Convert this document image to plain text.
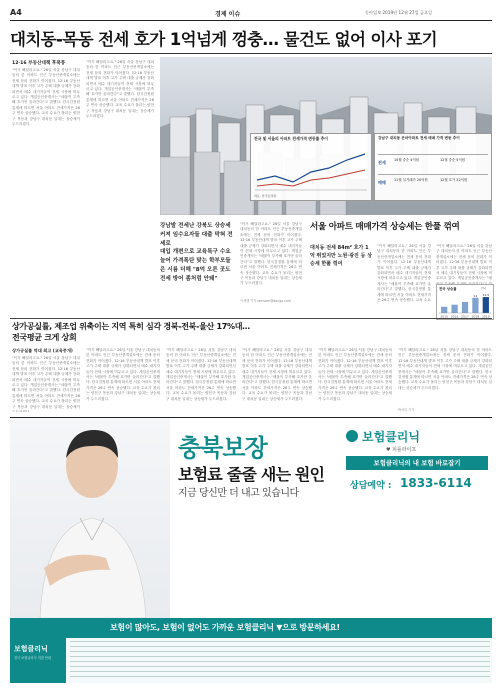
A4	경제 이슈	동아일보 2019년 12월 27일 금요일
대치동-목동 전세 호가 1억넘게 껑충… 물건도 없어 이사 포기
12·16 부동산대책 후폭풍
"이거 빼달라고요." 26일 서울 강남구 대치동의 한 아파트 인근 부동산중개업소에는 전세 문의 전화가 이어졌다. 12·16 부동산대책 발표 이후 고가 주택 대출 규제가 강화되면서 매수 대기자들이 전세 시장에 머무르고 있다. 개업공인중개사는 "매물이 부족해 호가만 올라간다"고 말했다. 한국감정원 통계에 따르면 서울 아파트 전세가격은 26주 연속 상승했다. 교육 수요가 몰리는 양천구 목동과 강남구 대치동 일대는 상승세가 두드러졌다.
"이거 빼달라고요." 26일 서울 강남구 대치동의 한 아파트 인근 부동산중개업소에는 전세 문의 전화가 이어졌다. 12·16 부동산대책 발표 이후 고가 주택 대출 규제가 강화되면서 매수 대기자들이 전세 시장에 머무르고 있다. 개업공인중개사는 "매물이 부족해 호가만 올라간다"고 말했다. 한국감정원 통계에 따르면 서울 아파트 전세가격은 26주 연속 상승했다. 교육 수요가 몰리는 양천구 목동과 강남구 대치동 일대는 상승세가 두드러졌다.
전국 및 서울의 아파트 전세가격 변동률 추이
자료: 한국감정원
강남구 대치동 은마아파트 전세 매매 가격 변동 추이
전세 10월 중순 4억원	12월 중순 5억원
매매 11월 실거래가 20억원	12월 호가 22억원
강남발 전세난 강북도 상승세 커져 임수요자들 대출 막혀 전세로
대입 개편으로 교육특구 수요 늘어 가격폭탄 맞는 학부모들은 시름 더해 "8억 오른 곳도 전세 방어 좀처럼 안돼"
"이거 빼달라고요." 26일 서울 강남구 대치동의 한 아파트 인근 부동산중개업소에는 전세 문의 전화가 이어졌다. 12·16 부동산대책 발표 이후 고가 주택 대출 규제가 강화되면서 매수 대기자들이 전세 시장에 머무르고 있다. 개업공인중개사는 "매물이 부족해 호가만 올라간다"고 말했다. 한국감정원 통계에 따르면 서울 아파트 전세가격은 26주 연속 상승했다. 교육 수요가 몰리는 양천구 목동과 강남구 대치동 일대는 상승세가 두드러졌다.
이새샘 기자 iamsam@donga.com
서울 아파트 매매가격 상승세는 한풀 꺾여
대치동 전세 84m² 호가 1억 뛰었지만 노원·광진 등 상승세 한풀 꺾여
"이거 빼달라고요." 26일 서울 강남구 대치동의 한 아파트 인근 부동산중개업소에는 전세 문의 전화가 이어졌다. 12·16 부동산대책 발표 이후 고가 주택 대출 규제가 강화되면서 매수 대기자들이 전세 시장에 머무르고 있다. 개업공인중개사는 "매물이 부족해 호가만 올라간다"고 말했다. 한국감정원 통계에 따르면 서울 아파트 전세가격은 26주 연속 상승했다. 교육 수요
"이거 빼달라고요." 26일 서울 강남구 대치동의 한 아파트 인근 부동산중개업소에는 전세 문의 전화가 이어졌다. 12·16 부동산대책 발표 이후 고가 주택 대출 규제가 강화되면서 매수 대기자들이 전세 시장에 머무르고 있다. 개업공인중개사는 "매
전국 상승률	(%)
2015 2016 2017 2018
11
2019
11.5
상가공실률, 제조업 위축이는 지역 특히 심각 경북-전북-울산 17%대… 전국평균 크게 상회
상가공실률 역대 최고 (교육중개)
"이거 빼달라고요." 26일 서울 강남구 대치동의 한 아파트 인근 부동산중개업소에는 전세 문의 전화가 이어졌다. 12·16 부동산대책 발표 이후 고가 주택 대출 규제가 강화되면서 매수 대기자들이 전세 시장에 머무르고 있다. 개업공인중개사는 "매물이 부족해 호가만 올라간다"고 말했다. 한국감정원 통계에 따르면 서울 아파트 전세가격은 26주 연속 상승했다. 교육 수요가 몰리는 양천구 목동과 강남구 대치동 일대는 상승세가
"이거 빼달라고요." 26일 서울 강남구 대치동의 한 아파트 인근 부동산중개업소에는 전세 문의 전화가 이어졌다. 12·16 부동산대책 발표 이후 고가 주택 대출 규제가 강화되면서 매수 대기자들이 전세 시장에 머무르고 있다. 개업공인중개사는 "매물이 부족해 호가만 올라간다"고 말했다. 한국감정원 통계에 따르면 서울 아파트 전세가격은 26주 연속 상승했다. 교육 수요가 몰리는 양천구 목동과 강남구 대치동 일대는 상승세가 두드러졌다.
"이거 빼달라고요." 26일 서울 강남구 대치동의 한 아파트 인근 부동산중개업소에는 전세 문의 전화가 이어졌다. 12·16 부동산대책 발표 이후 고가 주택 대출 규제가 강화되면서 매수 대기자들이 전세 시장에 머무르고 있다. 개업공인중개사는 "매물이 부족해 호가만 올라간다"고 말했다. 한국감정원 통계에 따르면 서울 아파트 전세가격은 26주 연속 상승했다. 교육 수요가 몰리는 양천구 목동과 강남구 대치동 일대는 상승세가 두드러졌다.
"이거 빼달라고요." 26일 서울 강남구 대치동의 한 아파트 인근 부동산중개업소에는 전세 문의 전화가 이어졌다. 12·16 부동산대책 발표 이후 고가 주택 대출 규제가 강화되면서 매수 대기자들이 전세 시장에 머무르고 있다. 개업공인중개사는 "매물이 부족해 호가만 올라간다"고 말했다. 한국감정원 통계에 따르면 서울 아파트 전세가격은 26주 연속 상승했다. 교육 수요가 몰리는 양천구 목동과 강남구 대치동 일대는 상승세가 두드러졌다.
"이거 빼달라고요." 26일 서울 강남구 대치동의 한 아파트 인근 부동산중개업소에는 전세 문의 전화가 이어졌다. 12·16 부동산대책 발표 이후 고가 주택 대출 규제가 강화되면서 매수 대기자들이 전세 시장에 머무르고 있다. 개업공인중개사는 "매물이 부족해 호가만 올라간다"고 말했다. 한국감정원 통계에 따르면 서울 아파트 전세가격은 26주 연속 상승했다. 교육 수요가 몰리는 양천구 목동과 강남구 대치동 일대는 상승세가 두드러졌다.
"이거 빼달라고요." 26일 서울 강남구 대치동의 한 아파트 인근 부동산중개업소에는 전세 문의 전화가 이어졌다. 12·16 부동산대책 발표 이후 고가 주택 대출 규제가 강화되면서 매수 대기자들이 전세 시장에 머무르고 있다. 개업공인중개사는 "매물이 부족해 호가만 올라간다"고 말했다. 한국감정원 통계에 따르면 서울 아파트 전세가격은 26주 연속 상승했다. 교육 수요가 몰리는 양천구 목동과 강남구 대치동 일대는 상승세가 두드러졌다.
박서리 기자
충북보장
보험료 줄줄 새는 원인
지금 당신만 더 내고 있습니다
보험클리닉
♥ 피플라이프
보험클리닉의 내 보험 바로잡기
상담예약 : 1833-6114
보험이 많아도, 보험이 없어도 가까운 보험클리닉 ▼으로 방문하세요!
보험클리닉
전국 보험클리닉 지점 안내
